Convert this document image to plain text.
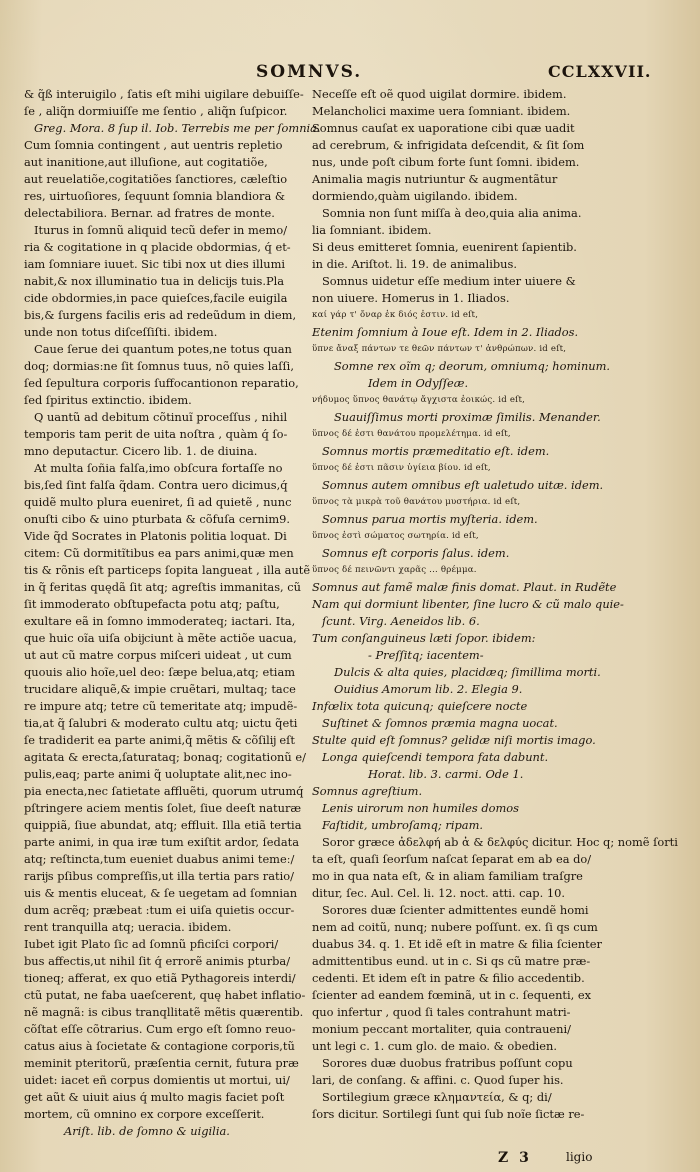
SOMNVS.	CCLXXVII.
& q̃ß interuigilo , ſatis eſt mihi uigilare debuiſſe-
ſe , aliq̃n dormiuiſſe me ſentio , aliq̃n ſuſpicor.
Greg. Mora. 8 ſup il. Iob. Terrebis me per ſomnia.
Cum ſomnia contingent , aut uentris repletio
aut inanitione,aut illuſione, aut cogitatiõe,
aut reuelatiõe,cogitatiões ſanctiores, cæleſtio
res, uirtuoſiores, ſequunt ſomnia blandiora &
delectabiliora. Bernar. ad fratres de monte.
Iturus in ſomnũ aliquid tecũ defer in memo/
ria & cogitatione in q placide obdormias, q́ et-
iam ſomniare iuuet. Sic tibi nox ut dies illumi
nabit,& nox illuminatio tua in delicĳs tuis.Pla
cide obdormies,in pace quieſces,facile euigila
bis,& ſurgens facilis eris ad redeũdum in diem,
unde non totus diſceſſiſti. ibidem.
Caue ſerue dei quantum potes,ne totus quan
doq; dormias:ne ſit ſomnus tuus, nõ quies laſſi,
ſed ſepultura corporis ſuffocantionon reparatio,
ſed ſpiritus extinctio. ibidem.
Q uantũ ad debitum cõtinuĩ proceſſus , nihil
temporis tam perit de uita noſtra , quàm q́ ſo-
mno deputactur. Cicero lib. 1. de diuina.
At multa ſoñia falſa,imo obſcura fortaſſe no
bis,ſed ſint falſa q̃dam. Contra uero dicimus,q́
quidẽ multo plura eueniret, ſi ad quietẽ , nunc
onuſti cibo & uino pturbata & cõfuſa cernim9.
Vide q̃d Socrates in Platonis politia loquat. Di
citem: Cũ dormitĩtibus ea pars animi,quæ men
tis & rõnis eſt particeps ſopita langueat , illa autẽ
in q̃ feritas quędã ſit atq; agreſtis immanitas, cũ
ſit immoderato obſtupefacta potu atq; paſtu,
exultare eã in ſomno immoderateq; iactari. Ita,
que huic oĩa uiſa obĳciunt à mẽte actiõe uacua,
ut aut cũ matre corpus miſceri uideat , ut cum
quouis alio hoĩe,uel deo: ſæpe belua,atq; etiam
trucidare aliquẽ,& impie cruẽtari, multaq; tace
re impure atq; tetre cũ temeritate atq; impudẽ-
tia,at q̃ ſalubri & moderato cultu atq; uictu q̃eti
ſe tradiderit ea parte animi,q̃ mẽtis & cõſilĳ eſt
agitata & erecta,ſaturataq; bonaq; cogitationũ e/
pulis,eaq; parte animi q̃ uoluptate alit,nec ino-
pia enecta,nec ſatietate affluẽti, quorum utrumq́
pſtringere aciem mentis ſolet, ſiue deeſt naturæ
quippiã, ſiue abundat, atq; effluit. Illa etiã tertia
parte animi, in qua iræ tum exiſtit ardor, ſedata
atq; reſtincta,tum eueniet duabus animi temeː/
rarĳs pſibus compreſſis,ut illa tertia pars ratio/
uis & mentis eluceat, & ſe uegetam ad ſomnian
dum acrẽq; præbeat :tum ei uiſa quietis occur-
rent tranquilla atq; ueracia. ibidem.
Iubet igit Plato ſic ad ſomnũ pficiſci corpori/
bus affectis,ut nihil ſit q́ errorẽ animis pturba/
tioneq; afferat, ex quo etiã Pythagoreis interdi/
ctũ putat, ne faba uaeſcerent, quę habet inflatio-
nẽ magnã: is cibus tranqllitatẽ mẽtis quærentib.
cõſtat eſſe cõtrarius. Cum ergo eſt ſomno reuo-
catus aius à ſocietate & contagione corporis,tũ
meminit pteritorũ, præſentia cernit, futura præ
uidet: iacet eñ corpus domientis ut mortui, ui/
get aũt & uiuit aius q́ multo magis faciet poſt
mortem, cũ omnino ex corpore exceſſerit.
Ariſt. lib. de ſomno & uigilia.
Neceſſe eſt oẽ quod uigilat dormire. ibidem.
Melancholici maxime uera ſomniant. ibidem.
Somnus cauſat ex uaporatione cibi quæ uadit
ad cerebrum, & infrigidata deſcendit, & ſit ſom
nus, unde poſt cibum forte ſunt ſomni. ibidem.
Animalia magis nutriuntur & augmentãtur
dormiendo,quàm uigilando. ibidem.
Somnia non ſunt miſſa à deo,quia alia anima.
lia ſomniant. ibidem.
Si deus emitteret ſomnia, euenirent ſapientib.
in die. Ariſtot. li. 19. de animalibus.
Somnus uidetur eſſe medium inter uiuere &
non uiuere. Homerus in 1. Iliados.
καί γάρ τ' ὄναρ ἐκ διός ἐστιν. id eſt,
Etenim ſomnium à Ioue eſt. Idem in 2. Iliados.
ὕπνε ἄναξ πάντων τε θεῶν πάντων τ' ἀνθρώπων. id eſt,
Somne rex oĩm q; deorum, omniumq; hominum.
Idem in Odyſſeæ.
νήδυμος ὕπνος θανάτῳ ἄγχιστα ἐοικώς. id eſt,
Suauiſſimus morti proximæ ſimilis. Menander.
ὕπνος δέ ἐστι θανάτου προμελέτημα. id eſt,
Somnus mortis præmeditatio eſt. idem.
ὕπνος δέ ἐστι πᾶσιν ὑγίεια βίου. id eſt,
Somnus autem omnibus eſt ualetudo uitæ. idem.
ὕπνος τὰ μικρὰ τοῦ θανάτου μυστήρια. id eſt,
Somnus parua mortis myſteria. idem.
ὕπνος ἐστὶ σώματος σωτηρία. id eſt,
Somnus eſt corporis ſalus. idem.
ὕπνος δέ πεινῶντι χαρᾶς ... θρέμμα.
Somnus aut famẽ malæ finis domat. Plaut. in Rudẽte
Nam qui dormiunt libenter, ſine lucro & cũ malo quie-
ſcunt. Virg. Aeneidos lib. 6.
Tum conſanguineus læti ſopor. ibidem:
- Preſſitq; iacentem-
Dulcis & alta quies, placidæq; ſimillima morti.
Ouidius Amorum lib. 2. Elegia 9.
Infœlix tota quicunq; quieſcere nocte
Suſtinet & ſomnos præmia magna uocat.
Stulte quid eſt ſomnus? gelidæ niſi mortis imago.
Longa quieſcendi tempora fata dabunt.
Horat. lib. 3. carmi. Ode 1.
Somnus agreſtium.
Lenis uirorum non humiles domos
Faſtidit, umbroſamq; ripam.
Soror græce ἀδελφή ab ἀ & δελφύς dicitur. Hoc q; nomẽ ſorti
ta eſt, quaſi ſeorſum naſcat ſeparat em ab ea do/
mo in qua nata eſt, & in aliam familiam traſgre
ditur, ſec. Aul. Cel. li. 12. noct. atti. cap. 10.
Sorores duæ ſcienter admittentes eundẽ homi
nem ad coitũ, nunq; nubere poſſunt. ex. ſi qs cum
duabus 34. q. 1. Et idẽ eſt in matre & filia ſcienter
admittentibus eund. ut in c. Si qs cũ matre præ-
cedenti. Et idem eſt in patre & filio accedentib.
ſcienter ad eandem fœminã, ut in c. ſequenti, ex
quo infertur , quod ſi tales contrahunt matri-
monium peccant mortaliter, quia contraueni/
unt legi c. 1. cum glo. de maio. & obedien.
Sorores duæ duobus fratribus poſſunt copu
lari, de conſang. & affini. c. Quod ſuper his.
Sortilegium græce κλημαντεία, & q; di/
ſors dicitur. Sortilegi ſunt qui ſub noĩe ſictæ re-
Z 3	ligio
